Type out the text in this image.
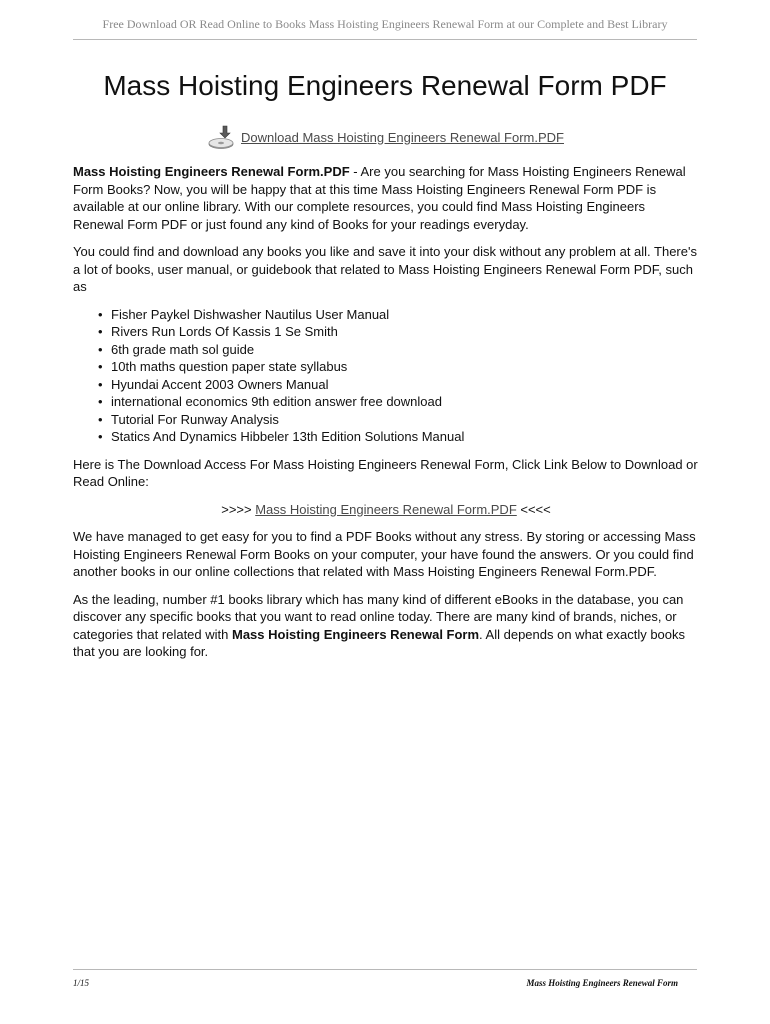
Free Download OR Read Online to Books Mass Hoisting Engineers Renewal Form at our Complete and Best Library
Mass Hoisting Engineers Renewal Form PDF
Download Mass Hoisting Engineers Renewal Form.PDF

Mass Hoisting Engineers Renewal Form.PDF - Are you searching for Mass Hoisting Engineers Renewal Form Books? Now, you will be happy that at this time Mass Hoisting Engineers Renewal Form PDF is available at our online library. With our complete resources, you could find Mass Hoisting Engineers Renewal Form PDF or just found any kind of Books for your readings everyday.

You could find and download any books you like and save it into your disk without any problem at all. There's a lot of books, user manual, or guidebook that related to Mass Hoisting Engineers Renewal Form PDF, such as

• Fisher Paykel Dishwasher Nautilus User Manual
• Rivers Run Lords Of Kassis 1 Se Smith
• 6th grade math sol guide
• 10th maths question paper state syllabus
• Hyundai Accent 2003 Owners Manual
• international economics 9th edition answer free download
• Tutorial For Runway Analysis
• Statics And Dynamics Hibbeler 13th Edition Solutions Manual

Here is The Download Access For Mass Hoisting Engineers Renewal Form, Click Link Below to Download or Read Online:

>>>> Mass Hoisting Engineers Renewal Form.PDF <<<<

We have managed to get easy for you to find a PDF Books without any stress. By storing or accessing Mass Hoisting Engineers Renewal Form Books on your computer, your have found the answers. Or you could find another books in our online collections that related with Mass Hoisting Engineers Renewal Form.PDF.

As the leading, number #1 books library which has many kind of different eBooks in the database, you can discover any specific books that you want to read online today. There are many kind of brands, niches, or categories that related with Mass Hoisting Engineers Renewal Form. All depends on what exactly books that you are looking for.

1/15	Mass Hoisting Engineers Renewal Form
